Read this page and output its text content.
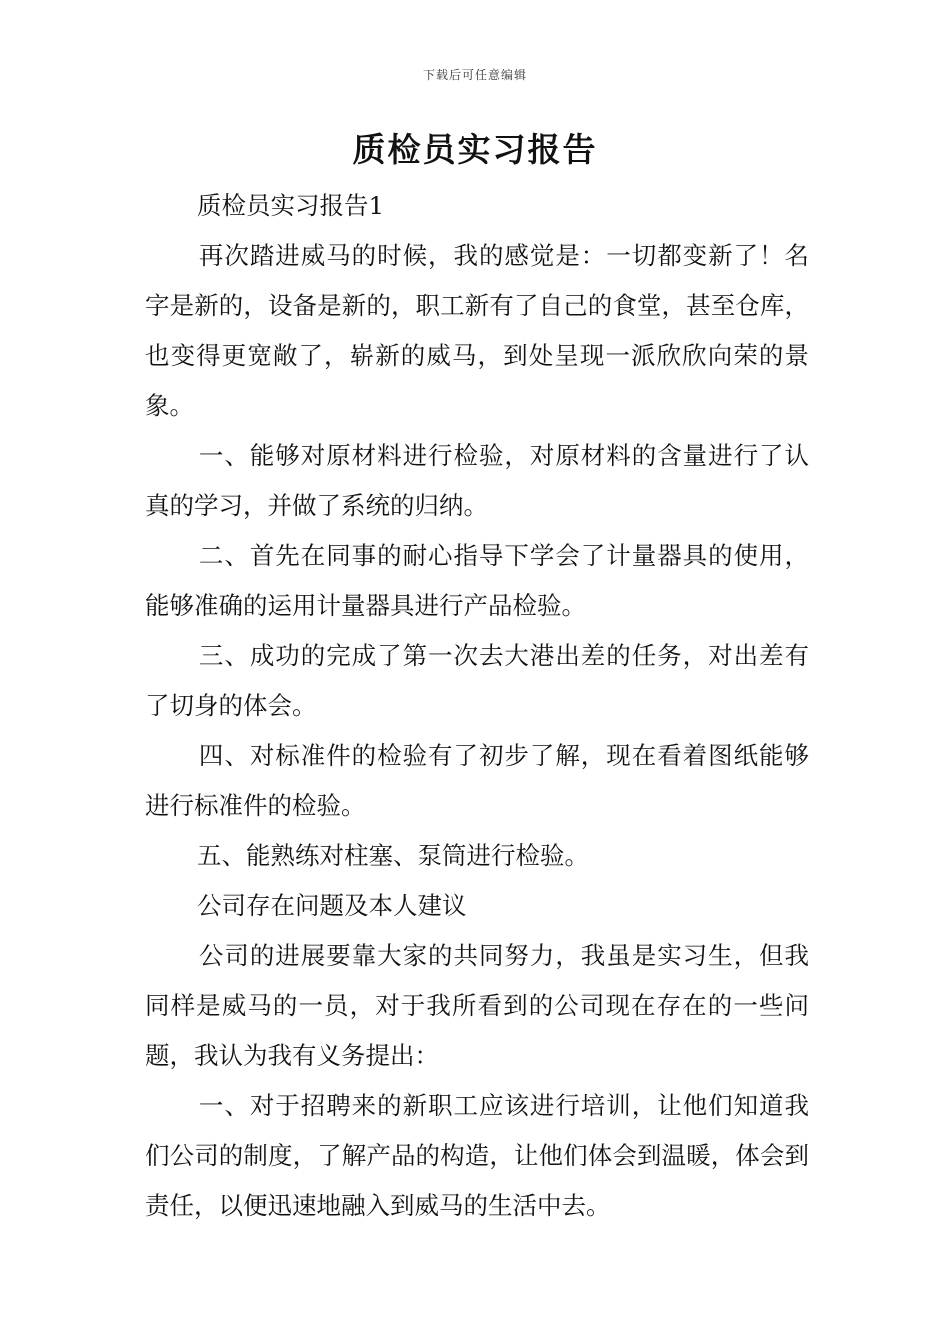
下载后可任意编辑
质检员实习报告

质检员实习报告1

再次踏进威马的时候，我的感觉是：一切都变新了！名字是新的，设备是新的，职工新有了自己的食堂，甚至仓库，也变得更宽敞了，崭新的威马，到处呈现一派欣欣向荣的景象。

一、能够对原材料进行检验，对原材料的含量进行了认真的学习，并做了系统的归纳。

二、首先在同事的耐心指导下学会了计量器具的使用，能够准确的运用计量器具进行产品检验。

三、成功的完成了第一次去大港出差的任务，对出差有了切身的体会。

四、对标准件的检验有了初步了解，现在看着图纸能够进行标准件的检验。

五、能熟练对柱塞、泵筒进行检验。

公司存在问题及本人建议

公司的进展要靠大家的共同努力，我虽是实习生，但我同样是威马的一员，对于我所看到的公司现在存在的一些问题，我认为我有义务提出：

一、对于招聘来的新职工应该进行培训，让他们知道我们公司的制度，了解产品的构造，让他们体会到温暖，体会到责任，以便迅速地融入到威马的生活中去。
